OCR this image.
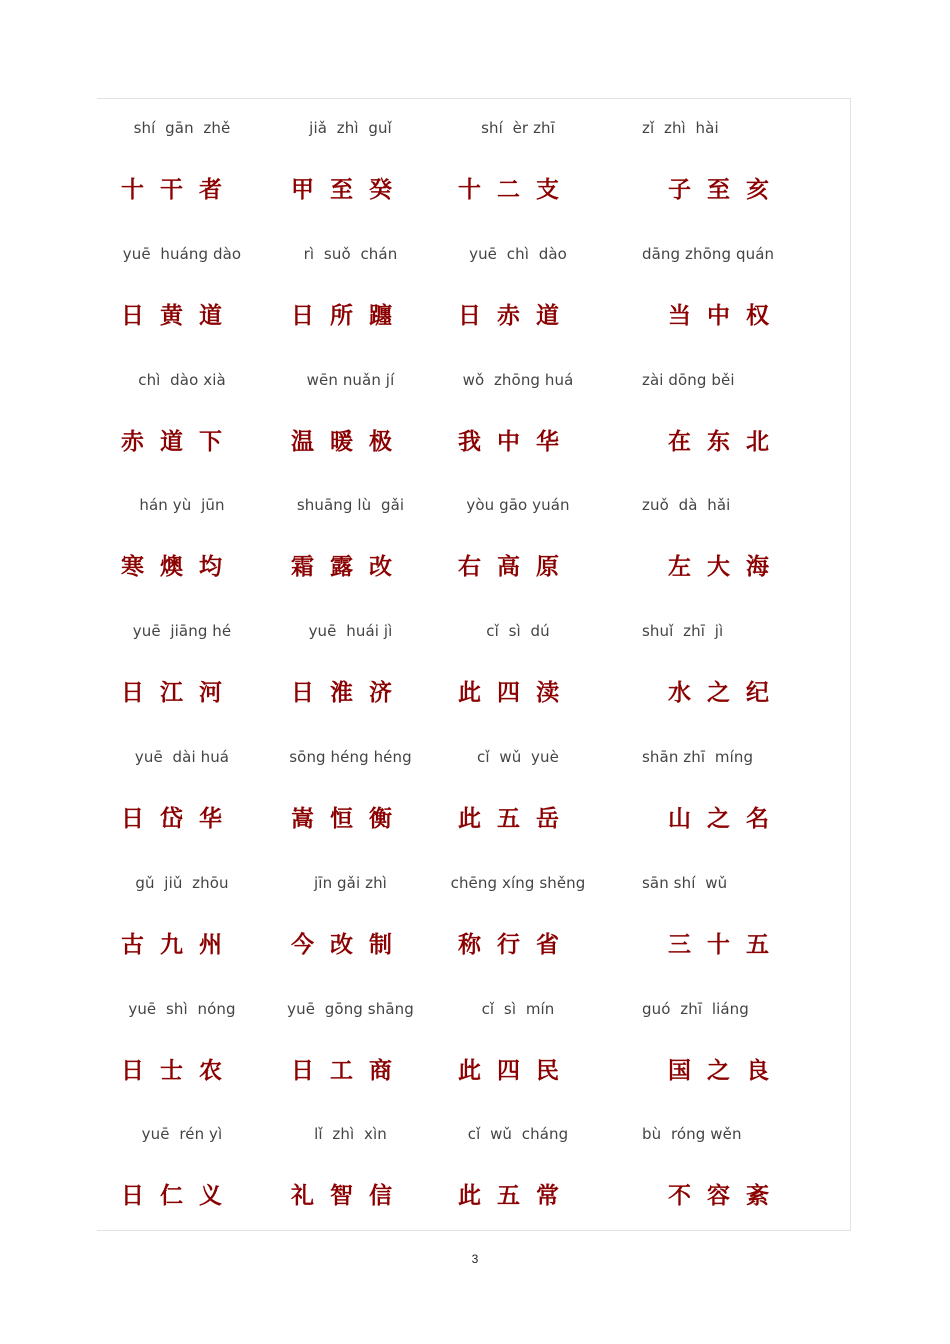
shí  gān  zhě
十干者
jiǎ  zhì  guǐ
甲至癸
shí  èr zhī
十二支
zǐ  zhì  hài
子至亥
yuē  huáng dào
日黄道
rì  suǒ  chán
日所躔
yuē  chì  dào
日赤道
dāng zhōng quán
当中权
chì  dào xià
赤道下
wēn nuǎn jí
温暖极
wǒ  zhōng huá
我中华
zài dōng běi
在东北
hán yù  jūn
寒燠均
shuāng lù  gǎi
霜露改
yòu gāo yuán
右高原
zuǒ  dà  hǎi
左大海
yuē  jiāng hé
日江河
yuē  huái jì
日淮济
cǐ  sì  dú
此四渎
shuǐ  zhī  jì
水之纪
yuē  dài huá
日岱华
sōng héng héng
嵩恒衡
cǐ  wǔ  yuè
此五岳
shān zhī  míng
山之名
gǔ  jiǔ  zhōu
古九州
jīn gǎi zhì
今改制
chēng xíng shěng
称行省
sān shí  wǔ
三十五
yuē  shì  nóng
日士农
yuē  gōng shāng
日工商
cǐ  sì  mín
此四民
guó  zhī  liáng
国之良
yuē  rén yì
日仁义
lǐ  zhì  xìn
礼智信
cǐ  wǔ  cháng
此五常
bù  róng wěn
不容紊
3
